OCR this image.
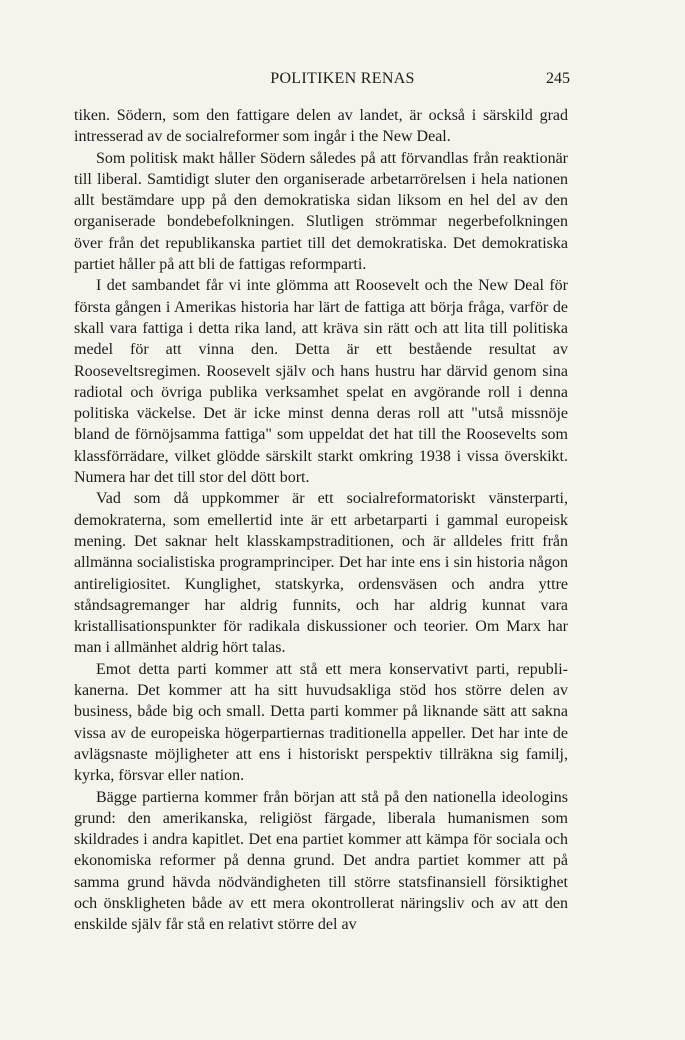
POLITIKEN RENAS	245

tiken. Södern, som den fattigare delen av landet, är också i särskild grad intresserad av de socialreformer som ingår i the New Deal.

Som politisk makt håller Södern således på att förvandlas från reaktionär till liberal. Samtidigt sluter den organiserade arbetarrörelsen i hela nationen allt bestämdare upp på den demokratiska sidan liksom en hel del av den organiserade bondebefolkningen. Slutligen strömmar negerbefolkningen över från det republikanska partiet till det demokratiska. Det demokratiska partiet håller på att bli de fattigas reformparti.

I det sambandet får vi inte glömma att Roosevelt och the New Deal för första gången i Amerikas historia har lärt de fattiga att börja fråga, varför de skall vara fattiga i detta rika land, att kräva sin rätt och att lita till politiska medel för att vinna den. Detta är ett bestående resultat av Rooseveltsregimen. Roosevelt själv och hans hustru har därvid genom sina radiotal och övriga publika verksamhet spelat en avgörande roll i denna politiska väckelse. Det är icke minst denna deras roll att "utså missnöje bland de förnöjsamma fattiga" som uppeldat det hat till the Roosevelts som klassförrädare, vilket glödde särskilt starkt omkring 1938 i vissa överskikt. Numera har det till stor del dött bort.

Vad som då uppkommer är ett socialreformatoriskt vänsterparti, demokraterna, som emellertid inte är ett arbetarparti i gammal europeisk mening. Det saknar helt klasskampstraditionen, och är alldeles fritt från allmänna socialistiska programprinciper. Det har inte ens i sin historia någon antireligiositet. Kunglighet, statskyrka, ordensväsen och andra yttre ståndsagremanger har aldrig funnits, och har aldrig kunnat vara kristallisationspunkter för radikala diskussioner och teorier. Om Marx har man i allmänhet aldrig hört talas.

Emot detta parti kommer att stå ett mera konservativt parti, republikanerna. Det kommer att ha sitt huvudsakliga stöd hos större delen av business, både big och small. Detta parti kommer på liknande sätt att sakna vissa av de europeiska högerpartiernas traditionella appeller. Det har inte de avlägsnaste möjligheter att ens i historiskt perspektiv tillräkna sig familj, kyrka, försvar eller nation.

Bägge partierna kommer från början att stå på den nationella ideologins grund: den amerikanska, religiöst färgade, liberala humanismen som skildrades i andra kapitlet. Det ena partiet kommer att kämpa för sociala och ekonomiska reformer på denna grund. Det andra partiet kommer att på samma grund hävda nödvändigheten till större statsfinansiell försiktighet och önskligheten både av ett mera okontrollerat näringsliv och av att den enskilde själv får stå en relativt större del av
